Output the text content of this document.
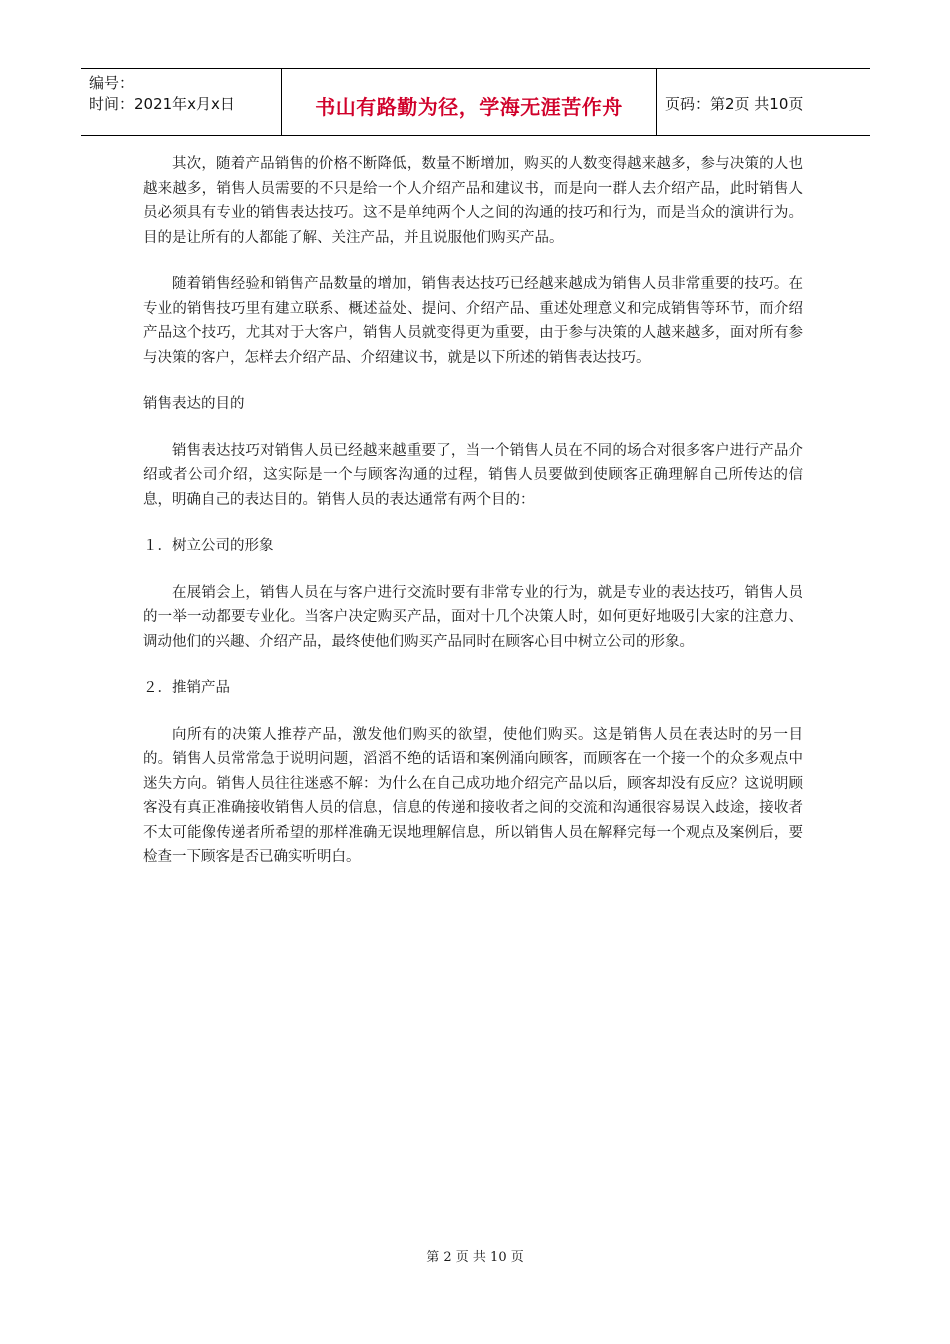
编号：
时间：2021年x月x日	书山有路勤为径，学海无涯苦作舟	页码：第2页 共10页

其次，随着产品销售的价格不断降低，数量不断增加，购买的人数变得越来越多，参与决策的人也越来越多，销售人员需要的不只是给一个人介绍产品和建议书，而是向一群人去介绍产品，此时销售人员必须具有专业的销售表达技巧。这不是单纯两个人之间的沟通的技巧和行为，而是当众的演讲行为。目的是让所有的人都能了解、关注产品，并且说服他们购买产品。

随着销售经验和销售产品数量的增加，销售表达技巧已经越来越成为销售人员非常重要的技巧。在专业的销售技巧里有建立联系、概述益处、提问、介绍产品、重述处理意义和完成销售等环节，而介绍产品这个技巧，尤其对于大客户，销售人员就变得更为重要，由于参与决策的人越来越多，面对所有参与决策的客户，怎样去介绍产品、介绍建议书，就是以下所述的销售表达技巧。

销售表达的目的

销售表达技巧对销售人员已经越来越重要了，当一个销售人员在不同的场合对很多客户进行产品介绍或者公司介绍，这实际是一个与顾客沟通的过程，销售人员要做到使顾客正确理解自己所传达的信息，明确自己的表达目的。销售人员的表达通常有两个目的：

１．树立公司的形象

在展销会上，销售人员在与客户进行交流时要有非常专业的行为，就是专业的表达技巧，销售人员的一举一动都要专业化。当客户决定购买产品，面对十几个决策人时，如何更好地吸引大家的注意力、调动他们的兴趣、介绍产品，最终使他们购买产品同时在顾客心目中树立公司的形象。

２．推销产品

向所有的决策人推荐产品，激发他们购买的欲望，使他们购买。这是销售人员在表达时的另一目的。销售人员常常急于说明问题，滔滔不绝的话语和案例涌向顾客，而顾客在一个接一个的众多观点中迷失方向。销售人员往往迷惑不解：为什么在自己成功地介绍完产品以后，顾客却没有反应？这说明顾客没有真正准确接收销售人员的信息，信息的传递和接收者之间的交流和沟通很容易误入歧途，接收者不太可能像传递者所希望的那样准确无误地理解信息，所以销售人员在解释完每一个观点及案例后，要检查一下顾客是否已确实听明白。

第 2 页 共 10 页
